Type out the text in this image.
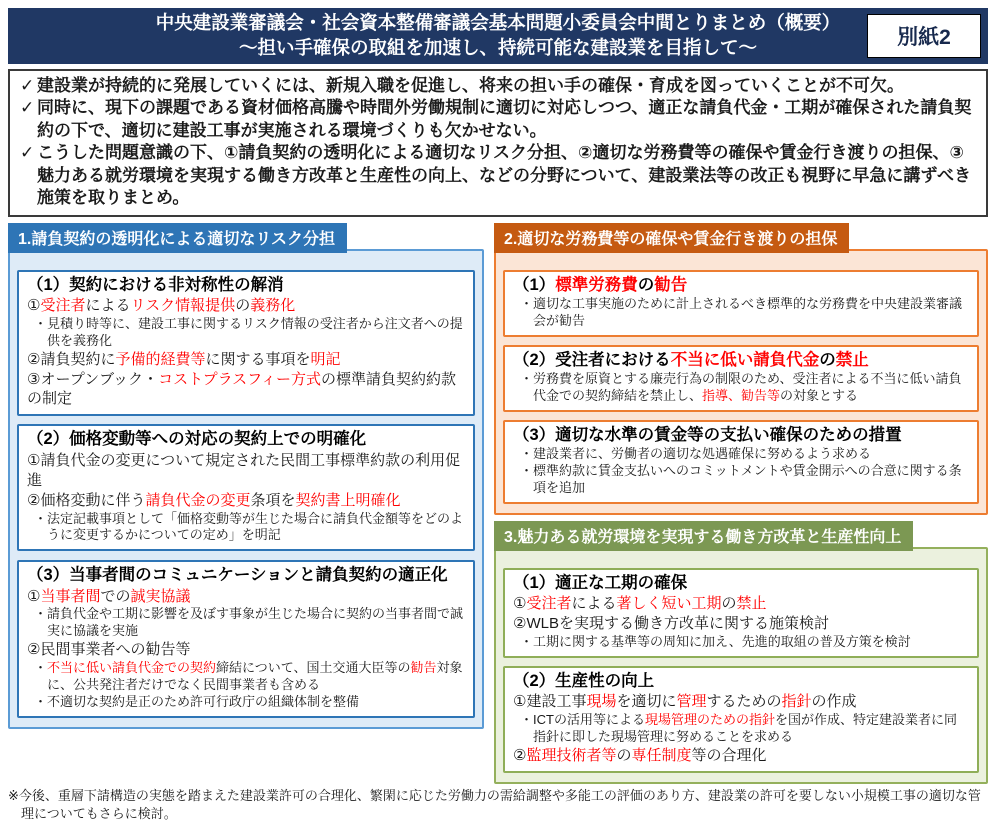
中央建設業審議会・社会資本整備審議会基本問題小委員会中間とりまとめ（概要）
～担い手確保の取組を加速し、持続可能な建設業を目指して～	別紙2
✓ 建設業が持続的に発展していくには、新規入職を促進し、将来の担い手の確保・育成を図っていくことが不可欠。
✓ 同時に、現下の課題である資材価格高騰や時間外労働規制に適切に対応しつつ、適正な請負代金・工期が確保された請負契約の下で、適切に建設工事が実施される環境づくりも欠かせない。
✓ こうした問題意識の下、①請負契約の透明化による適切なリスク分担、②適切な労務費等の確保や賃金行き渡りの担保、③魅力ある就労環境を実現する働き方改革と生産性の向上、などの分野について、建設業法等の改正も視野に早急に講ずべき施策を取りまとめ。
1.請負契約の透明化による適切なリスク分担
（1）契約における非対称性の解消
①受注者によるリスク情報提供の義務化
・見積り時等に、建設工事に関するリスク情報の受注者から注文者への提供を義務化
②請負契約に予備的経費等に関する事項を明記
③オープンブック・コストプラスフィー方式の標準請負契約約款の制定
（2）価格変動等への対応の契約上での明確化
①請負代金の変更について規定された民間工事標準約款の利用促進
②価格変動に伴う請負代金の変更条項を契約書上明確化
・法定記載事項として「価格変動等が生じた場合に請負代金額等をどのように変更するかについての定め」を明記
（3）当事者間のコミュニケーションと請負契約の適正化
①当事者間での誠実協議
・請負代金や工期に影響を及ぼす事象が生じた場合に契約の当事者間で誠実に協議を実施
②民間事業者への勧告等
・不当に低い請負代金での契約締結について、国土交通大臣等の勧告対象に、公共発注者だけでなく民間事業者も含める
・不適切な契約是正のため許可行政庁の組織体制を整備
2.適切な労務費等の確保や賃金行き渡りの担保
（1）標準労務費の勧告
・適切な工事実施のために計上されるべき標準的な労務費を中央建設業審議会が勧告
（2）受注者における不当に低い請負代金の禁止
・労務費を原資とする廉売行為の制限のため、受注者による不当に低い請負代金での契約締結を禁止し、指導、勧告等の対象とする
（3）適切な水準の賃金等の支払い確保のための措置
・建設業者に、労働者の適切な処遇確保に努めるよう求める
・標準約款に賃金支払いへのコミットメントや賃金開示への合意に関する条項を追加
3.魅力ある就労環境を実現する働き方改革と生産性向上
（1）適正な工期の確保
①受注者による著しく短い工期の禁止
②WLBを実現する働き方改革に関する施策検討
・工期に関する基準等の周知に加え、先進的取組の普及方策を検討
（2）生産性の向上
①建設工事現場を適切に管理するための指針の作成
・ICTの活用等による現場管理のための指針を国が作成、特定建設業者に同指針に即した現場管理に努めることを求める
②監理技術者等の専任制度等の合理化
※今後、重層下請構造の実態を踏まえた建設業許可の合理化、繁閑に応じた労働力の需給調整や多能工の評価のあり方、建設業の許可を要しない小規模工事の適切な管理についてもさらに検討。
